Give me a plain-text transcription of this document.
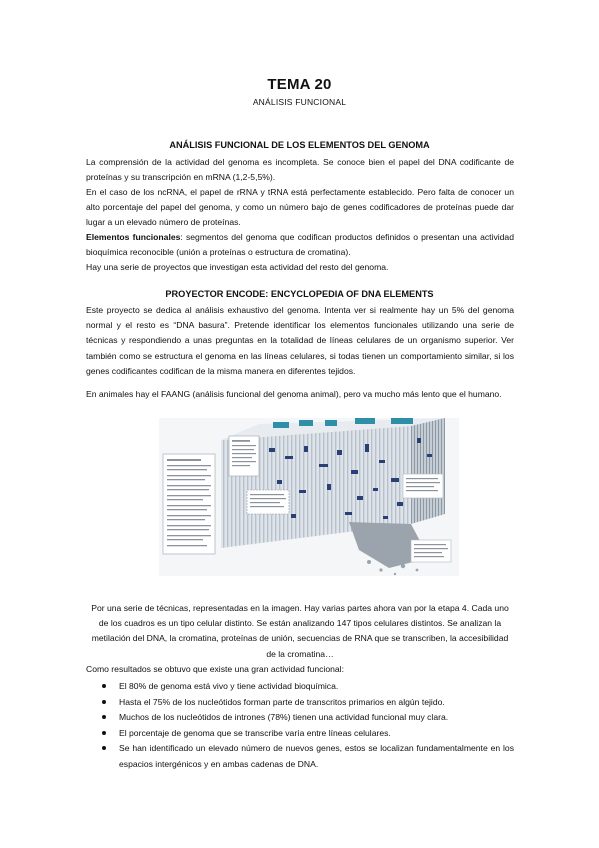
TEMA 20
ANÁLISIS FUNCIONAL
ANÁLISIS FUNCIONAL DE LOS ELEMENTOS DEL GENOMA
La comprensión de la actividad del genoma es incompleta. Se conoce bien el papel del DNA codificante de proteínas y su transcripción en mRNA (1,2-5,5%).
En el caso de los ncRNA, el papel de rRNA y tRNA está perfectamente establecido. Pero falta de conocer un alto porcentaje del papel del genoma, y como un número bajo de genes codificadores de proteínas puede dar lugar a un elevado número de proteínas.
Elementos funcionales: segmentos del genoma que codifican productos definidos o presentan una actividad bioquímica reconocible (unión a proteínas o estructura de cromatina).
Hay una serie de proyectos que investigan esta actividad del resto del genoma.
PROYECTOR ENCODE: ENCYCLOPEDIA OF DNA ELEMENTS
Este proyecto se dedica al análisis exhaustivo del genoma. Intenta ver si realmente hay un 5% del genoma normal y el resto es “DNA basura”. Pretende identificar los elementos funcionales utilizando una serie de técnicas y respondiendo a unas preguntas en la totalidad de líneas celulares de un organismo superior. Ver también como se estructura el genoma en las líneas celulares, si todas tienen un comportamiento similar, si los genes codificantes codifican de la misma manera en diferentes tejidos.
En animales hay el FAANG (análisis funcional del genoma animal), pero va mucho más lento que el humano.
Por una serie de técnicas, representadas en la imagen. Hay varias partes ahora van por la etapa 4. Cada uno de los cuadros es un tipo celular distinto. Se están analizando 147 tipos celulares distintos. Se analizan la metilación del DNA, la cromatina, proteínas de unión, secuencias de RNA que se transcriben, la accesibilidad de la cromatina…
Como resultados se obtuvo que existe una gran actividad funcional:
El 80% de genoma está vivo y tiene actividad bioquímica.
Hasta el 75% de los nucleótidos forman parte de transcritos primarios en algún tejido.
Muchos de los nucleótidos de intrones (78%) tienen una actividad funcional muy clara.
El porcentaje de genoma que se transcribe varía entre líneas celulares.
Se han identificado un elevado número de nuevos genes, estos se localizan fundamentalmente en los espacios intergénicos y en ambas cadenas de DNA.
